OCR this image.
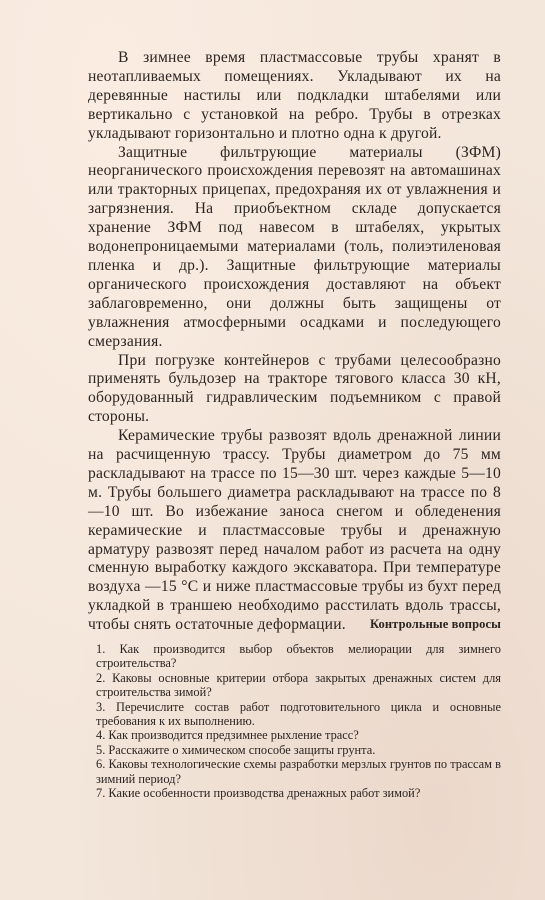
В зимнее время пластмассовые трубы хранят в неотапливаемых помещениях. Укладывают их на деревянные настилы или подкладки штабелями или вертикально с установкой на ребро. Трубы в отрезках укладывают горизонтально и плотно одна к другой.

Защитные фильтрующие материалы (ЗФМ) неорганического происхождения перевозят на автомашинах или тракторных прицепах, предохраняя их от увлажнения и загрязнения. На приобъектном складе допускается хранение ЗФМ под навесом в штабелях, укрытых водонепроницаемыми материалами (толь, полиэтиленовая пленка и др.). Защитные фильтрующие материалы органического происхождения доставляют на объект заблаговременно, они должны быть защищены от увлажнения атмосферными осадками и последующего смерзания.

При погрузке контейнеров с трубами целесообразно применять бульдозер на тракторе тягового класса 30 кН, оборудованный гидравлическим подъемником с правой стороны.

Керамические трубы развозят вдоль дренажной линии на расчищенную трассу. Трубы диаметром до 75 мм раскладывают на трассе по 15—30 шт. через каждые 5—10 м. Трубы большего диаметра раскладывают на трассе по 8—10 шт. Во избежание заноса снегом и обледенения керамические и пластмассовые трубы и дренажную арматуру развозят перед началом работ из расчета на одну сменную выработку каждого экскаватора. При температуре воздуха —15 °С и ниже пластмассовые трубы из бухт перед укладкой в траншею необходимо расстилать вдоль трассы, чтобы снять остаточные деформации.	Контрольные вопросы
1. Как производится выбор объектов мелиорации для зимнего строительства?
2. Каковы основные критерии отбора закрытых дренажных систем для строительства зимой?
3. Перечислите состав работ подготовительного цикла и основные требования к их выполнению.
4. Как производится предзимнее рыхление трасс?
5. Расскажите о химическом способе защиты грунта.
6. Каковы технологические схемы разработки мерзлых грунтов по трассам в зимний период?
7. Какие особенности производства дренажных работ зимой?
